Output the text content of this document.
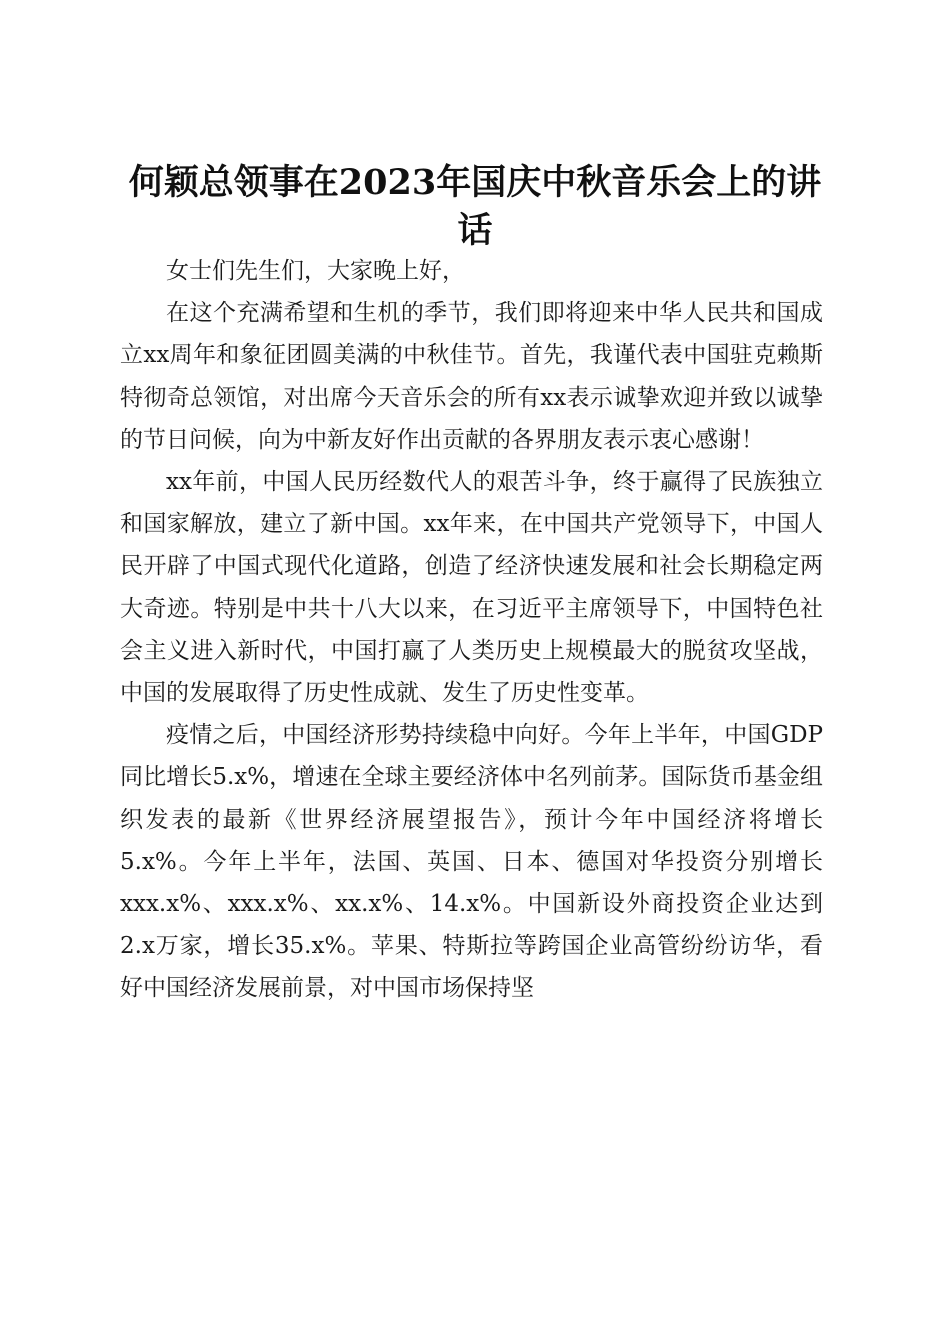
何颖总领事在2023年国庆中秋音乐会上的讲话

女士们先生们，大家晚上好，

在这个充满希望和生机的季节，我们即将迎来中华人民共和国成立xx周年和象征团圆美满的中秋佳节。首先，我谨代表中国驻克赖斯特彻奇总领馆，对出席今天音乐会的所有xx表示诚挚欢迎并致以诚挚的节日问候，向为中新友好作出贡献的各界朋友表示衷心感谢！

xx年前，中国人民历经数代人的艰苦斗争，终于赢得了民族独立和国家解放，建立了新中国。xx年来，在中国共产党领导下，中国人民开辟了中国式现代化道路，创造了经济快速发展和社会长期稳定两大奇迹。特别是中共十八大以来，在习近平主席领导下，中国特色社会主义进入新时代，中国打赢了人类历史上规模最大的脱贫攻坚战，中国的发展取得了历史性成就、发生了历史性变革。

疫情之后，中国经济形势持续稳中向好。今年上半年，中国GDP同比增长5.x%，增速在全球主要经济体中名列前茅。国际货币基金组织发表的最新《世界经济展望报告》，预计今年中国经济将增长5.x%。今年上半年，法国、英国、日本、德国对华投资分别增长xxx.x%、xxx.x%、xx.x%、14.x%。中国新设外商投资企业达到2.x万家，增长35.x%。苹果、特斯拉等跨国企业高管纷纷访华，看好中国经济发展前景，对中国市场保持坚
